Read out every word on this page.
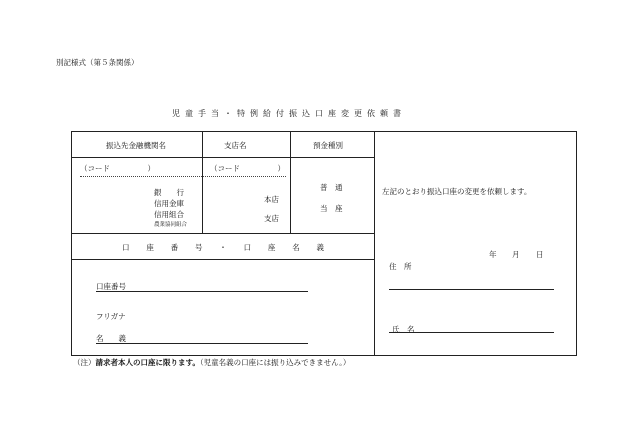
別記様式（第５条関係）
児童手当・特例給付振込口座変更依頼書
振込先金融機関名	支店名	預金種別
（コード　　　　　）	（コード　　　　　）
銀　　行
信用金庫
信用組合
農業協同組合
本店
支店
普　通
当　座
口 座 番 号 ・ 口 座 名 義
口座番号
フリガナ
名　　義
左記のとおり振込口座の変更を依頼します。
年 月 日
住　所
氏　名
（注）請求者本人の口座に限ります。（児童名義の口座には振り込みできません。）
